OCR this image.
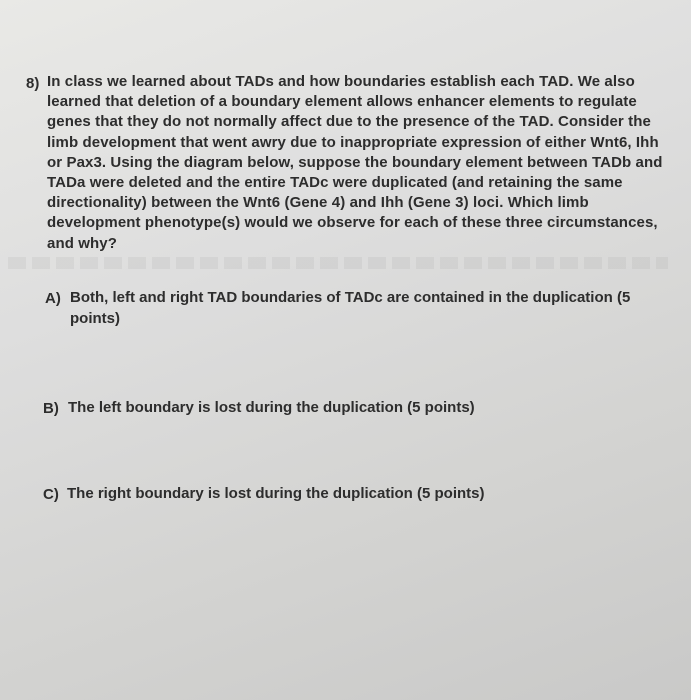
8) In class we learned about TADs and how boundaries establish each TAD. We also
learned that deletion of a boundary element allows enhancer elements to regulate
genes that they do not normally affect due to the presence of the TAD. Consider the
limb development that went awry due to inappropriate expression of either Wnt6, Ihh
or Pax3. Using the diagram below, suppose the boundary element between TADb and
TADa were deleted and the entire TADc were duplicated (and retaining the same
directionality) between the Wnt6 (Gene 4) and Ihh (Gene 3) loci. Which limb
development phenotype(s) would we observe for each of these three circumstances,
and why?
A) Both, left and right TAD boundaries of TADc are contained in the duplication (5
points)
B) The left boundary is lost during the duplication (5 points)
C) The right boundary is lost during the duplication (5 points)
